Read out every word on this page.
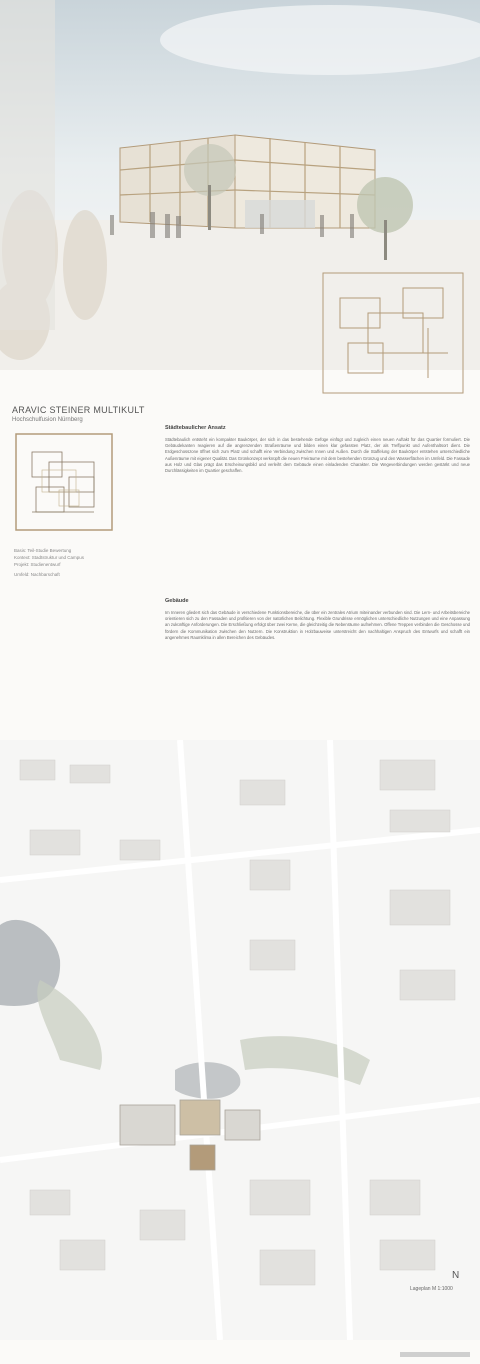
ARAVIC STEINER MULTIKULT
Hochschulfusion Nürnberg
Basis: Teil-Studie Bewertung
Kontext: Stadtstruktur und Campus
Projekt: Studienentwurf
Umfeld: Nachbarschaft
Städtebaulicher Ansatz

Städtebaulich entsteht ein kompakter Baukörper, der sich in das bestehende Gefüge einfügt und zugleich einen neuen Auftakt für das Quartier formuliert. Die Gebäudekanten reagieren auf die angrenzenden Straßenräume und bilden einen klar gefassten Platz, der als Treffpunkt und Aufenthaltsort dient. Die Erdgeschosszone öffnet sich zum Platz und schafft eine Verbindung zwischen Innen und Außen. Durch die Staffelung der Baukörper entstehen unterschiedliche Außenräume mit eigener Qualität. Das Grünkonzept verknüpft die neuen Freiräume mit dem bestehenden Grünzug und den Wasserflächen im Umfeld. Die Fassade aus Holz und Glas prägt das Erscheinungsbild und verleiht dem Gebäude einen einladenden Charakter. Die Wegeverbindungen werden gestärkt und neue Durchlässigkeiten im Quartier geschaffen.

Gebäude

Im Inneren gliedert sich das Gebäude in verschiedene Funktionsbereiche, die über ein zentrales Atrium miteinander verbunden sind. Die Lern- und Arbeitsbereiche orientieren sich zu den Fassaden und profitieren von der natürlichen Belichtung. Flexible Grundrisse ermöglichen unterschiedliche Nutzungen und eine Anpassung an zukünftige Anforderungen. Die Erschließung erfolgt über zwei Kerne, die gleichzeitig die Nebenräume aufnehmen. Offene Treppen verbinden die Geschosse und fördern die Kommunikation zwischen den Nutzern. Die Konstruktion in Holzbauweise unterstreicht den nachhaltigen Anspruch des Entwurfs und schafft ein angenehmes Raumklima in allen Bereichen des Gebäudes.

N
Lageplan M 1:1000
